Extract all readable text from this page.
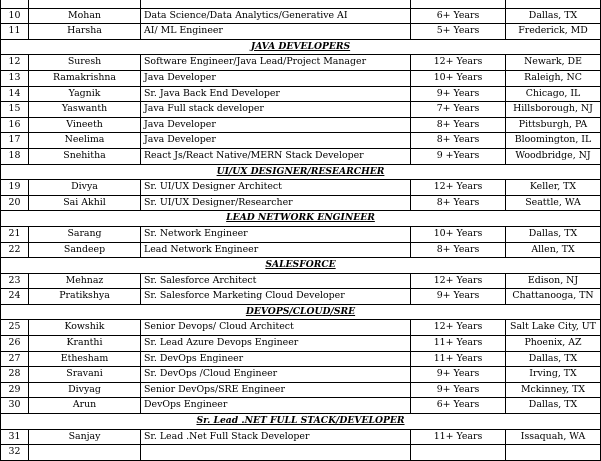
10	Mohan	Data Science/Data Analytics/Generative AI	6+ Years	Dallas, TX
11	Harsha	AI/ ML Engineer	5+ Years	Frederick, MD
JAVA DEVELOPERS				
12	Suresh	Software Engineer/Java Lead/Project Manager	12+ Years	Newark, DE
13	Ramakrishna	Java Developer	10+ Years	Raleigh, NC
14	Yagnik	Sr. Java Back End Developer	9+ Years	Chicago, IL
15	Yaswanth	Java Full stack developer	7+ Years	Hillsborough, NJ
16	Vineeth	Java Developer	8+ Years	Pittsburgh, PA
17	Neelima	Java Developer	8+ Years	Bloomington, IL
18	Snehitha	React Js/React Native/MERN Stack Developer	9 +Years	Woodbridge, NJ
UI/UX DESIGNER/RESEARCHER				
19	Divya	Sr. UI/UX Designer Architect	12+ Years	Keller, TX
20	Sai Akhil	Sr. UI/UX Designer/Researcher	8+ Years	Seattle, WA
LEAD NETWORK ENGINEER				
21	Sarang	Sr. Network Engineer	10+ Years	Dallas, TX
22	Sandeep	Lead Network Engineer	8+ Years	Allen, TX
SALESFORCE				
23	Mehnaz	Sr. Salesforce Architect	12+ Years	Edison, NJ
24	Pratikshya	Sr. Salesforce Marketing Cloud Developer	9+ Years	Chattanooga, TN
DEVOPS/CLOUD/SRE				
25	Kowshik	Senior Devops/ Cloud Architect	12+ Years	Salt Lake City, UT
26	Kranthi	Sr. Lead Azure Devops Engineer	11+ Years	Phoenix, AZ
27	Ethesham	Sr. DevOps Engineer	11+ Years	Dallas, TX
28	Sravani	Sr. DevOps /Cloud Engineer	9+ Years	Irving, TX
29	Divyag	Senior DevOps/SRE Engineer	9+ Years	Mckinney, TX
30	Arun	DevOps Engineer	6+ Years	Dallas, TX
Sr. Lead .NET FULL STACK/DEVELOPER				
31	Sanjay	Sr. Lead .Net Full Stack Developer	11+ Years	Issaquah, WA
32				
